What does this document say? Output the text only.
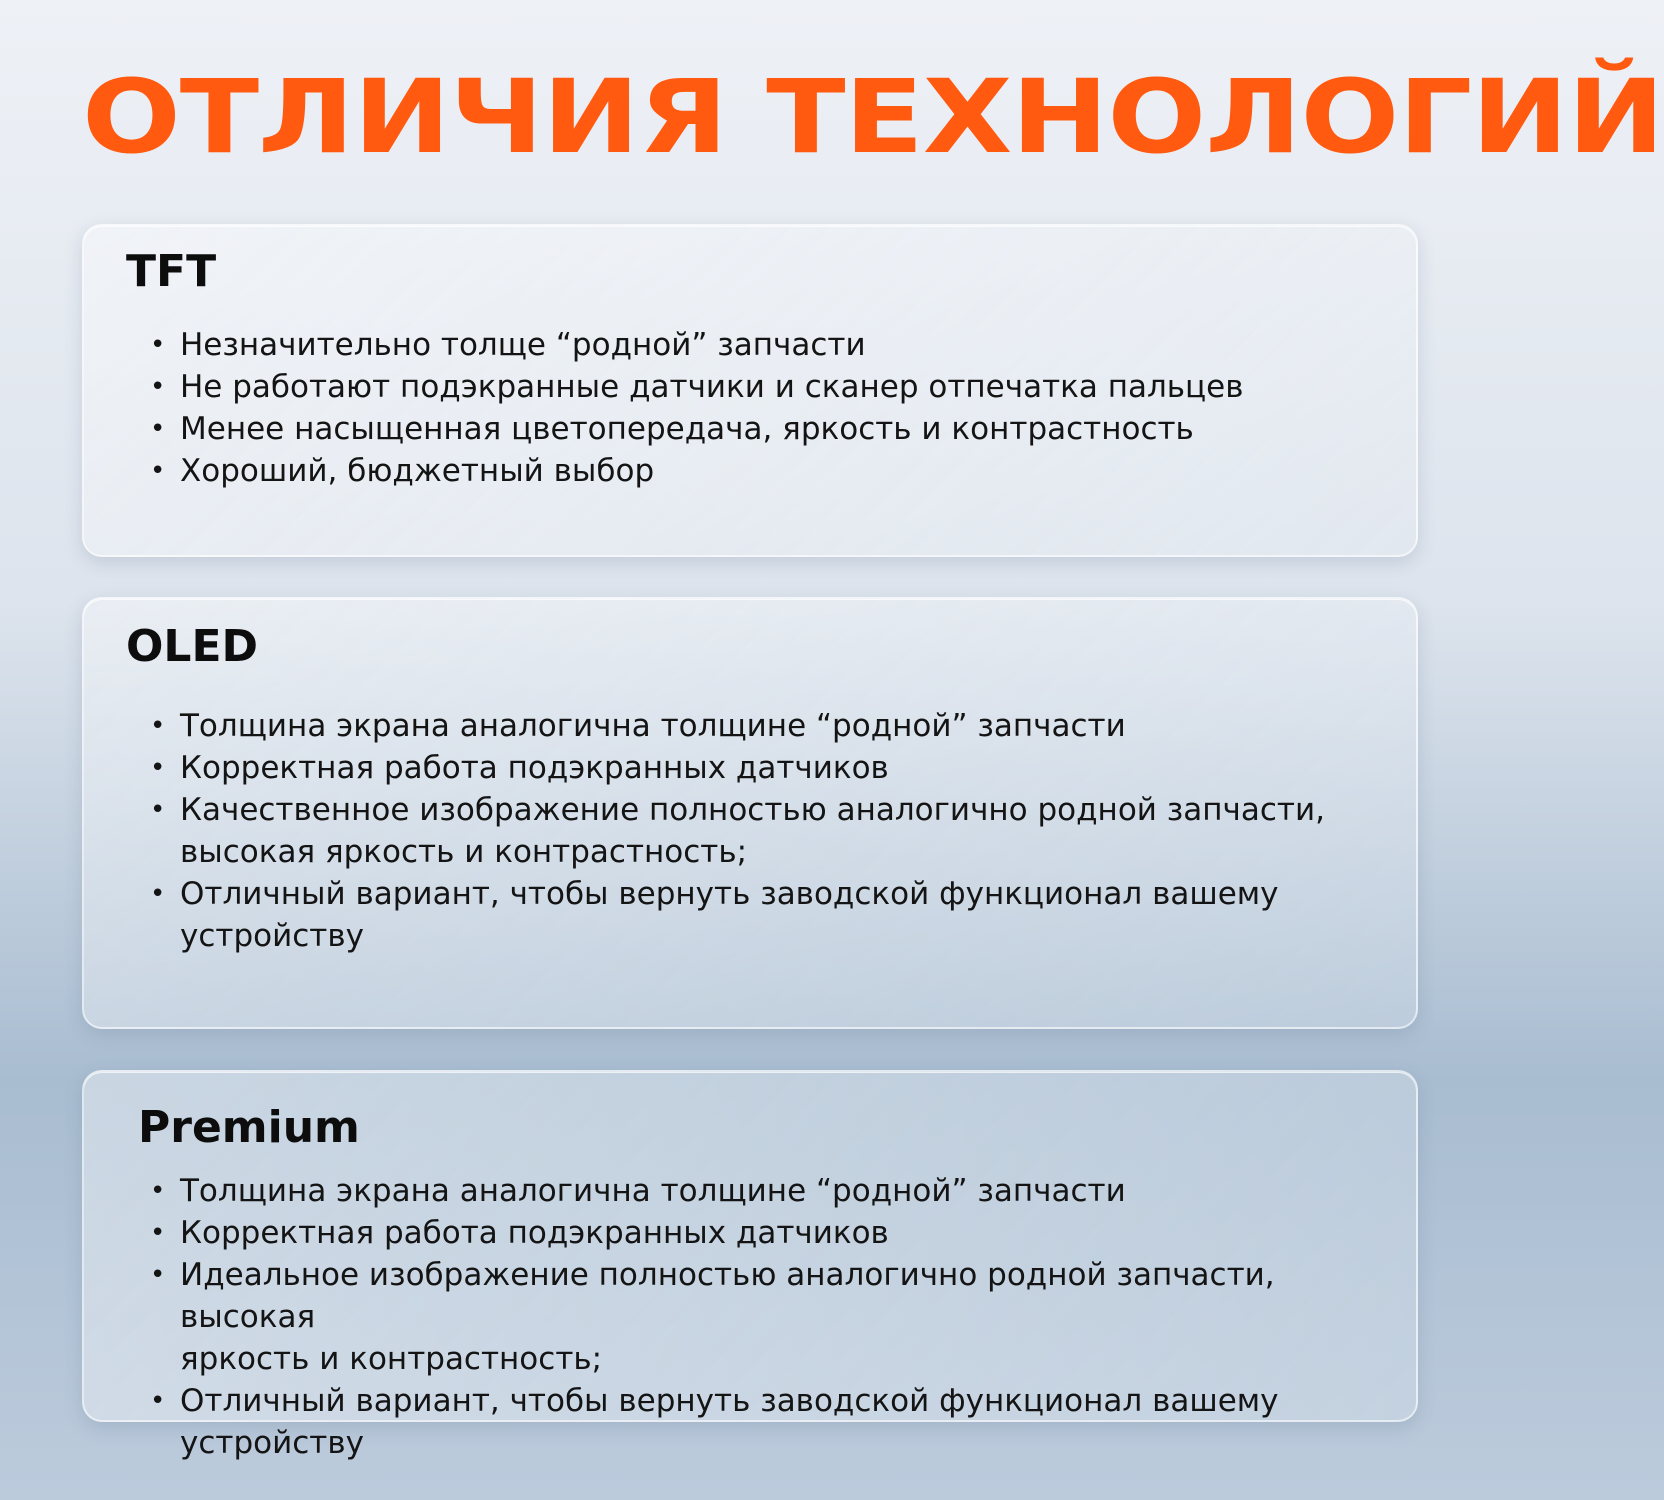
ОТЛИЧИЯ ТЕХНОЛОГИЙ
TFT
• Незначительно толще “родной” запчасти
• Не работают подэкранные датчики и сканер отпечатка пальцев
• Менее насыщенная цветопередача, яркость и контрастность
• Хороший, бюджетный выбор
OLED
• Толщина экрана аналогична толщине “родной” запчасти
• Корректная работа подэкранных датчиков
• Качественное изображение полностью аналогично родной запчасти,
высокая яркость и контрастность;
• Отличный вариант, чтобы вернуть заводской функционал вашему
устройству
Premium
• Толщина экрана аналогична толщине “родной” запчасти
• Корректная работа подэкранных датчиков
• Идеальное изображение полностью аналогично родной запчасти, высокая
яркость и контрастность;
• Отличный вариант, чтобы вернуть заводской функционал вашему
устройству
